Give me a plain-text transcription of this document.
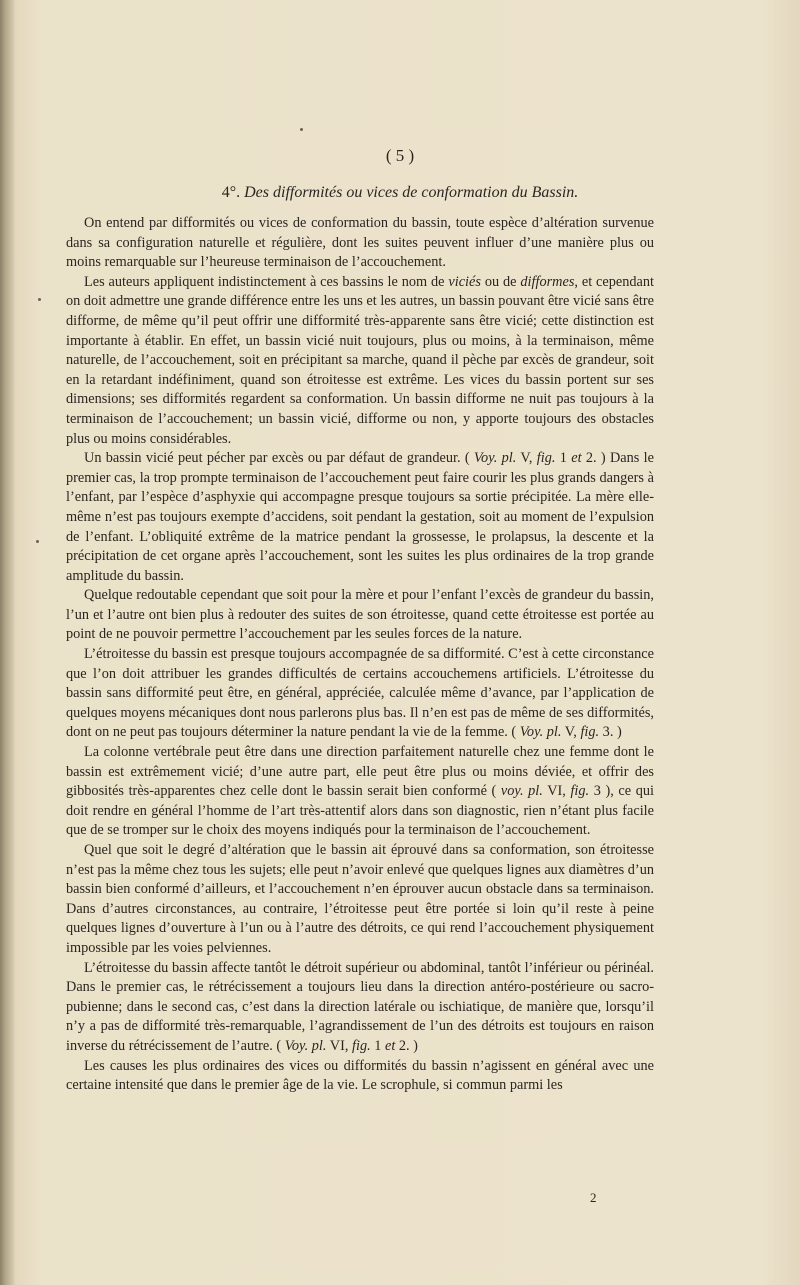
( 5 )
4°. Des difformités ou vices de conformation du Bassin.

On entend par difformités ou vices de conformation du bassin, toute espèce d’altération survenue dans sa configuration naturelle et régulière, dont les suites peuvent influer d’une manière plus ou moins remarquable sur l’heureuse terminaison de l’accouchement.

Les auteurs appliquent indistinctement à ces bassins le nom de viciés ou de difformes, et cependant on doit admettre une grande différence entre les uns et les autres, un bassin pouvant être vicié sans être difforme, de même qu’il peut offrir une difformité très-apparente sans être vicié; cette distinction est importante à établir. En effet, un bassin vicié nuit toujours, plus ou moins, à la terminaison, même naturelle, de l’accouchement, soit en précipitant sa marche, quand il pèche par excès de grandeur, soit en la retardant indéfiniment, quand son étroitesse est extrême. Les vices du bassin portent sur ses dimensions; ses difformités regardent sa conformation. Un bassin difforme ne nuit pas toujours à la terminaison de l’accouchement; un bassin vicié, difforme ou non, y apporte toujours des obstacles plus ou moins considérables.

Un bassin vicié peut pécher par excès ou par défaut de grandeur. ( Voy. pl. V, fig. 1 et 2. ) Dans le premier cas, la trop prompte terminaison de l’accouchement peut faire courir les plus grands dangers à l’enfant, par l’espèce d’asphyxie qui accompagne presque toujours sa sortie précipitée. La mère elle-même n’est pas toujours exempte d’accidens, soit pendant la gestation, soit au moment de l’expulsion de l’enfant. L’obliquité extrême de la matrice pendant la grossesse, le prolapsus, la descente et la précipitation de cet organe après l’accouchement, sont les suites les plus ordinaires de la trop grande amplitude du bassin.

Quelque redoutable cependant que soit pour la mère et pour l’enfant l’excès de grandeur du bassin, l’un et l’autre ont bien plus à redouter des suites de son étroitesse, quand cette étroitesse est portée au point de ne pouvoir permettre l’accouchement par les seules forces de la nature.

L’étroitesse du bassin est presque toujours accompagnée de sa difformité. C’est à cette circonstance que l’on doit attribuer les grandes difficultés de certains accouchemens artificiels. L’étroitesse du bassin sans difformité peut être, en général, appréciée, calculée même d’avance, par l’application de quelques moyens mécaniques dont nous parlerons plus bas. Il n’en est pas de même de ses difformités, dont on ne peut pas toujours déterminer la nature pendant la vie de la femme. ( Voy. pl. V, fig. 3. )

La colonne vertébrale peut être dans une direction parfaitement naturelle chez une femme dont le bassin est extrêmement vicié; d’une autre part, elle peut être plus ou moins déviée, et offrir des gibbosités très-apparentes chez celle dont le bassin serait bien conformé ( voy. pl. VI, fig. 3 ), ce qui doit rendre en général l’homme de l’art très-attentif alors dans son diagnostic, rien n’étant plus facile que de se tromper sur le choix des moyens indiqués pour la terminaison de l’accouchement.

Quel que soit le degré d’altération que le bassin ait éprouvé dans sa conformation, son étroitesse n’est pas la même chez tous les sujets; elle peut n’avoir enlevé que quelques lignes aux diamètres d’un bassin bien conformé d’ailleurs, et l’accouchement n’en éprouver aucun obstacle dans sa terminaison. Dans d’autres circonstances, au contraire, l’étroitesse peut être portée si loin qu’il reste à peine quelques lignes d’ouverture à l’un ou à l’autre des détroits, ce qui rend l’accouchement physiquement impossible par les voies pelviennes.

L’étroitesse du bassin affecte tantôt le détroit supérieur ou abdominal, tantôt l’inférieur ou périnéal. Dans le premier cas, le rétrécissement a toujours lieu dans la direction antéro-postérieure ou sacro-pubienne; dans le second cas, c’est dans la direction latérale ou ischiatique, de manière que, lorsqu’il n’y a pas de difformité très-remarquable, l’agrandissement de l’un des détroits est toujours en raison inverse du rétrécissement de l’autre. ( Voy. pl. VI, fig. 1 et 2. )

Les causes les plus ordinaires des vices ou difformités du bassin n’agissent en général avec une certaine intensité que dans le premier âge de la vie. Le scrophule, si commun parmi les

2
